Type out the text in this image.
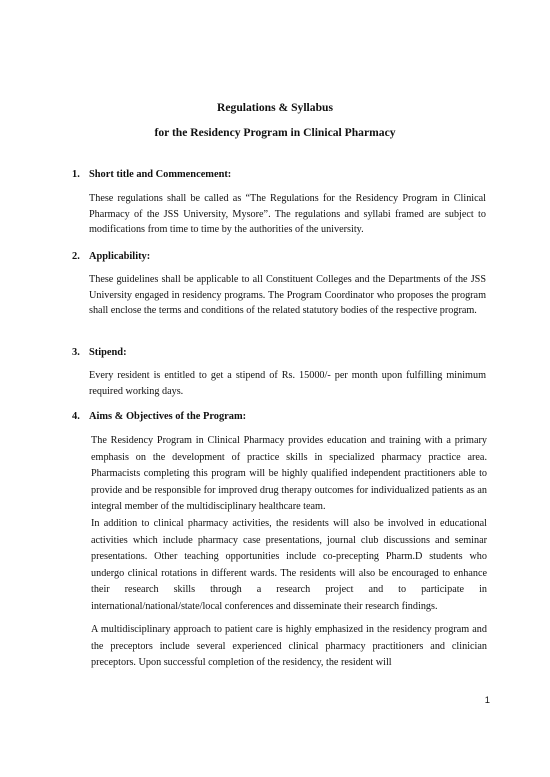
Regulations & Syllabus
for the Residency Program in Clinical Pharmacy
1. Short title and Commencement:
These regulations shall be called as “The Regulations for the Residency Program in Clinical Pharmacy of the JSS University, Mysore”. The regulations and syllabi framed are subject to modifications from time to time by the authorities of the university.
2. Applicability:
These guidelines shall be applicable to all Constituent Colleges and the Departments of the JSS University engaged in residency programs. The Program Coordinator who proposes the program shall enclose the terms and conditions of the related statutory bodies of the respective program.
3. Stipend:
Every resident is entitled to get a stipend of Rs. 15000/- per month upon fulfilling minimum required working days.
4. Aims & Objectives of the Program:
The Residency Program in Clinical Pharmacy provides education and training with a primary emphasis on the development of practice skills in specialized pharmacy practice area. Pharmacists completing this program will be highly qualified independent practitioners able to provide and be responsible for improved drug therapy outcomes for individualized patients as an integral member of the multidisciplinary healthcare team.
In addition to clinical pharmacy activities, the residents will also be involved in educational activities which include pharmacy case presentations, journal club discussions and seminar presentations. Other teaching opportunities include co-precepting Pharm.D students who undergo clinical rotations in different wards. The residents will also be encouraged to enhance their research skills through a research project and to participate in international/national/state/local conferences and disseminate their research findings.
A multidisciplinary approach to patient care is highly emphasized in the residency program and the preceptors include several experienced clinical pharmacy practitioners and clinician preceptors. Upon successful completion of the residency, the resident will
1
